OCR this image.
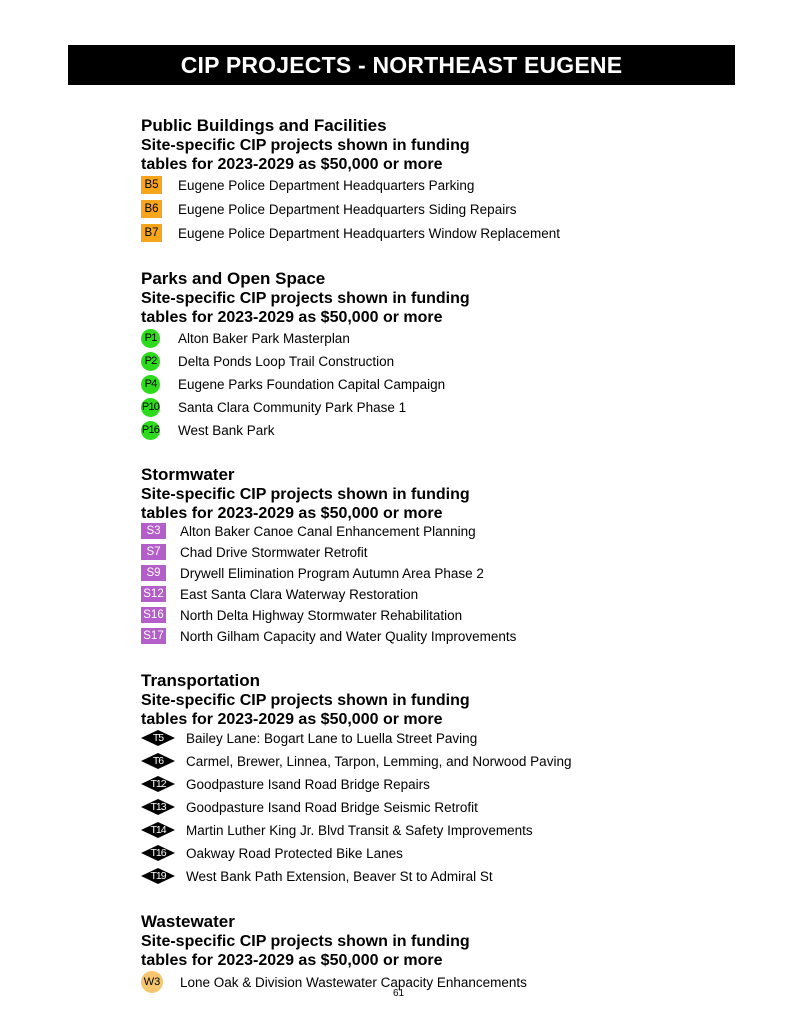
CIP PROJECTS - NORTHEAST EUGENE
Public Buildings and Facilities
Site-specific CIP projects shown in funding
tables for 2023-2029 as $50,000 or more
B5 Eugene Police Department Headquarters Parking
B6 Eugene Police Department Headquarters Siding Repairs
B7 Eugene Police Department Headquarters Window Replacement
Parks and Open Space
Site-specific CIP projects shown in funding
tables for 2023-2029 as $50,000 or more
P1 Alton Baker Park Masterplan
P2 Delta Ponds Loop Trail Construction
P4 Eugene Parks Foundation Capital Campaign
P10 Santa Clara Community Park Phase 1
P16 West Bank Park
Stormwater
Site-specific CIP projects shown in funding
tables for 2023-2029 as $50,000 or more
S3	Alton Baker Canoe Canal Enhancement Planning
S7	Chad Drive Stormwater Retrofit
S9	Drywell Elimination Program Autumn Area Phase 2
S12 East Santa Clara Waterway Restoration
S16 North Delta Highway Stormwater Rehabilitation
S17 North Gilham Capacity and Water Quality Improvements
Transportation
Site-specific CIP projects shown in funding
tables for 2023-2029 as $50,000 or more
T5	Bailey Lane: Bogart Lane to Luella Street Paving
T6	Carmel, Brewer, Linnea, Tarpon, Lemming, and Norwood Paving
T12	Goodpasture Isand Road Bridge Repairs
T13	Goodpasture Isand Road Bridge Seismic Retrofit
T14	Martin Luther King Jr. Blvd Transit & Safety Improvements
T16	Oakway Road Protected Bike Lanes
T19	West Bank Path Extension, Beaver St to Admiral St
Wastewater
Site-specific CIP projects shown in funding
tables for 2023-2029 as $50,000 or more
W3 Lone Oak & Division Wastewater Capacity Enhancements
61
